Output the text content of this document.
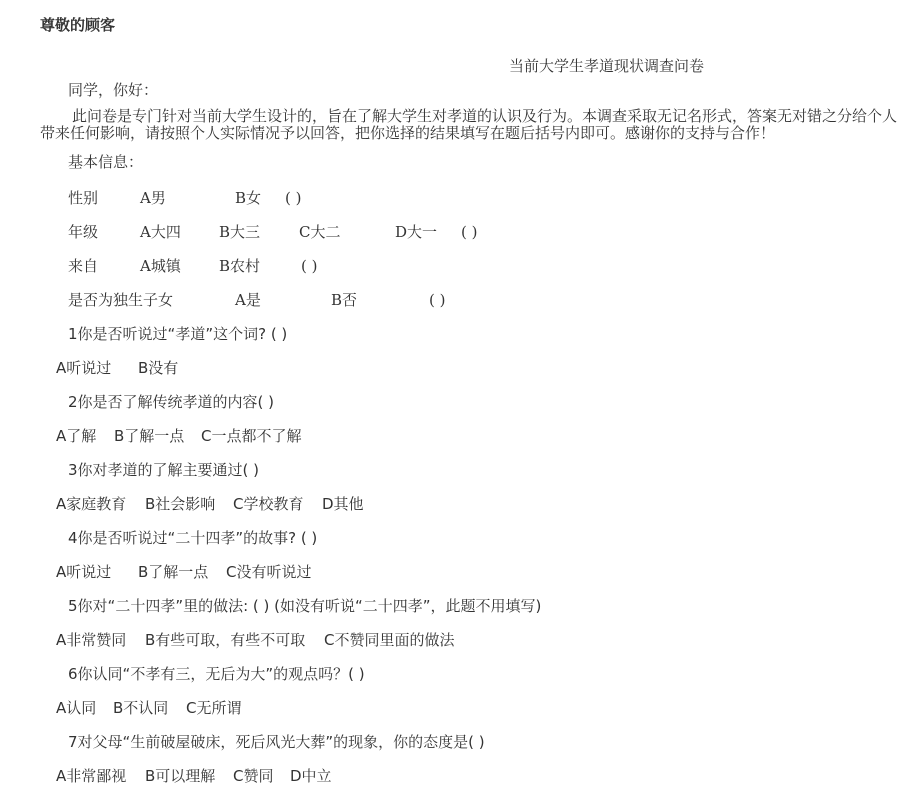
尊敬的顾客
当前大学生孝道现状调查问卷
同学，你好：
此问卷是专门针对当前大学生设计的，旨在了解大学生对孝道的认识及行为。本调查采取无记名形式，答案无对错之分给个人带来任何影响，请按照个人实际情况予以回答，把你选择的结果填写在题后括号内即可。感谢你的支持与合作！
基本信息：
性别	A男	B女 ( )
年级	A大四	B大三	C大二	D大一 ( )
来自	A城镇	B农村	( )
是否为独生子女	A是	B否	( )
1你是否听说过“孝道”这个词? ( )
A听说过 B没有
2你是否了解传统孝道的内容( )
A了解 B了解一点 C一点都不了解
3你对孝道的了解主要通过( )
A家庭教育 B社会影响 C学校教育 D其他
4你是否听说过“二十四孝”的故事? ( )
A听说过 B了解一点 C没有听说过
5你对“二十四孝”里的做法: ( ) (如没有听说“二十四孝”，此题不用填写)
A非常赞同 B有些可取，有些不可取 C不赞同里面的做法
6你认同“不孝有三，无后为大”的观点吗？( )
A认同 B不认同 C无所谓
7对父母“生前破屋破床，死后风光大葬”的现象，你的态度是( )
A非常鄙视 B可以理解 C赞同 D中立
